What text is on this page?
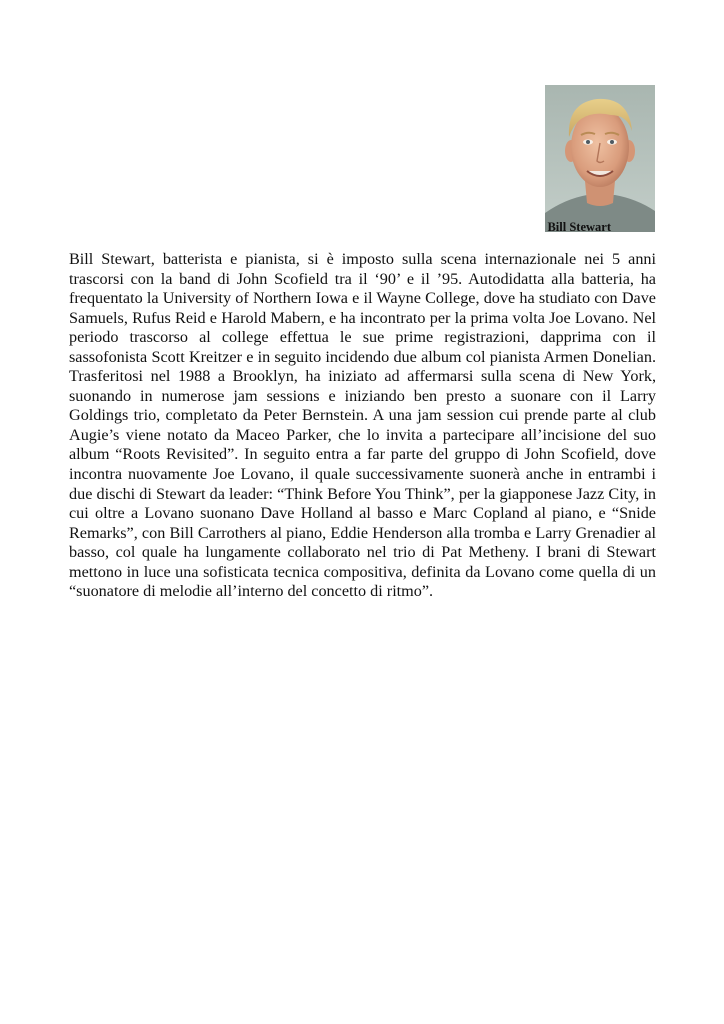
Bill Stewart

Bill Stewart, batterista e pianista, si è imposto sulla scena internazionale nei 5 anni trascorsi con la band di John Scofield tra il ‘90’ e il ’95. Autodidatta alla batteria, ha frequentato la University of Northern Iowa e il Wayne College, dove ha studiato con Dave Samuels, Rufus Reid e Harold Mabern, e ha incontrato per la prima volta Joe Lovano. Nel periodo trascorso al college effettua le sue prime registrazioni, dapprima con il sassofonista Scott Kreitzer e in seguito incidendo due album col pianista Armen Donelian. Trasferitosi nel 1988 a Brooklyn, ha iniziato ad affermarsi sulla scena di New York, suonando in numerose jam sessions e iniziando ben presto a suonare con il Larry Goldings trio, completato da Peter Bernstein. A una jam session cui prende parte al club Augie’s viene notato da Maceo Parker, che lo invita a partecipare all’incisione del suo album “Roots Revisited”. In seguito entra a far parte del gruppo di John Scofield, dove incontra nuovamente Joe Lovano, il quale successivamente suonerà anche in entrambi i due dischi di Stewart da leader: “Think Before You Think”, per la giapponese Jazz City, in cui oltre a Lovano suonano Dave Holland al basso e Marc Copland al piano, e “Snide Remarks”, con Bill Carrothers al piano, Eddie Henderson alla tromba e Larry Grenadier al basso, col quale ha lungamente collaborato nel trio di Pat Metheny. I brani di Stewart mettono in luce una sofisticata tecnica compositiva, definita da Lovano come quella di un “suonatore di melodie all’interno del concetto di ritmo”.
